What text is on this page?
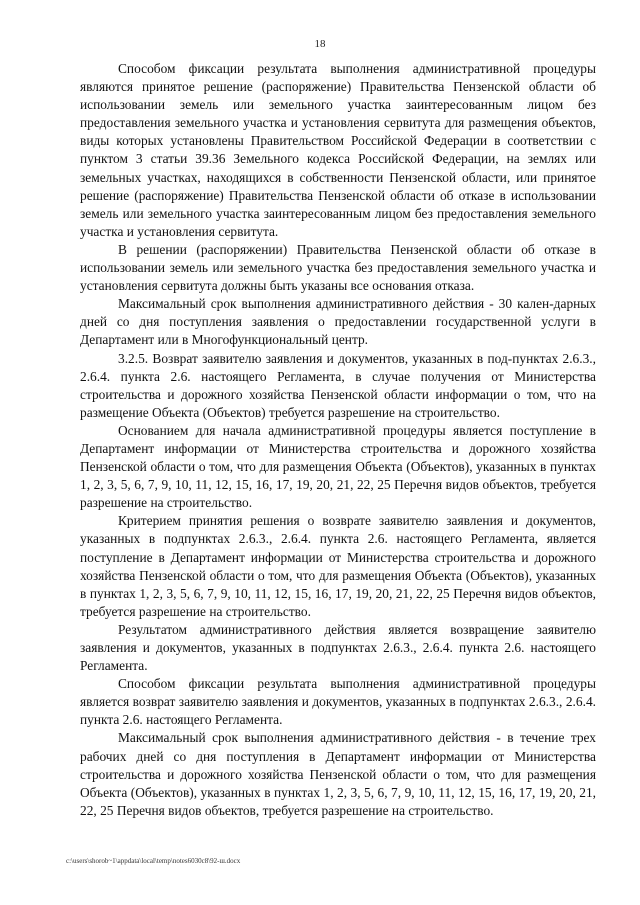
18

Способом фиксации результата выполнения административной процедуры являются принятое решение (распоряжение) Правительства Пензенской области об использовании земель или земельного участка заинтересованным лицом без предоставления земельного участка и установления сервитута для размещения объектов, виды которых установлены Правительством Российской Федерации в соответствии с пунктом 3 статьи 39.36 Земельного кодекса Российской Федерации, на землях или земельных участках, находящихся в собственности Пензенской области, или принятое решение (распоряжение) Правительства Пензенской области об отказе в использовании земель или земельного участка заинтересованным лицом без предоставления земельного участка и установления сервитута.

В решении (распоряжении) Правительства Пензенской области об отказе в использовании земель или земельного участка без предоставления земельного участка и установления сервитута должны быть указаны все основания отказа.

Максимальный срок выполнения административного действия - 30 кален-дарных дней со дня поступления заявления о предоставлении государственной услуги в Департамент или в Многофункциональный центр.

3.2.5. Возврат заявителю заявления и документов, указанных в под-пунктах 2.6.3., 2.6.4. пункта 2.6. настоящего Регламента, в случае получения от Министерства строительства и дорожного хозяйства Пензенской области информации о том, что на размещение Объекта (Объектов) требуется разрешение на строительство.

Основанием для начала административной процедуры является поступление в Департамент информации от Министерства строительства и дорожного хозяйства Пензенской области о том, что для размещения Объекта (Объектов), указанных в пунктах 1, 2, 3, 5, 6, 7, 9, 10, 11, 12, 15, 16, 17, 19, 20, 21, 22, 25 Перечня видов объектов, требуется разрешение на строительство.

Критерием принятия решения о возврате заявителю заявления и документов, указанных в подпунктах 2.6.3., 2.6.4. пункта 2.6. настоящего Регламента, является поступление в Департамент информации от Министерства строительства и дорожного хозяйства Пензенской области о том, что для размещения Объекта (Объектов), указанных в пунктах 1, 2, 3, 5, 6, 7, 9, 10, 11, 12, 15, 16, 17, 19, 20, 21, 22, 25 Перечня видов объектов, требуется разрешение на строительство.

Результатом административного действия является возвращение заявителю заявления и документов, указанных в подпунктах 2.6.3., 2.6.4. пункта 2.6. настоящего Регламента.

Способом фиксации результата выполнения административной процедуры является возврат заявителю заявления и документов, указанных в подпунктах 2.6.3., 2.6.4. пункта 2.6. настоящего Регламента.

Максимальный срок выполнения административного действия - в течение трех рабочих дней со дня поступления в Департамент информации от Министерства строительства и дорожного хозяйства Пензенской области о том, что для размещения Объекта (Объектов), указанных в пунктах 1, 2, 3, 5, 6, 7, 9, 10, 11, 12, 15, 16, 17, 19, 20, 21, 22, 25 Перечня видов объектов, требуется разрешение на строительство.

c:\users\shorob~1\appdata\local\temp\notes6030c8\92-ш.docx
